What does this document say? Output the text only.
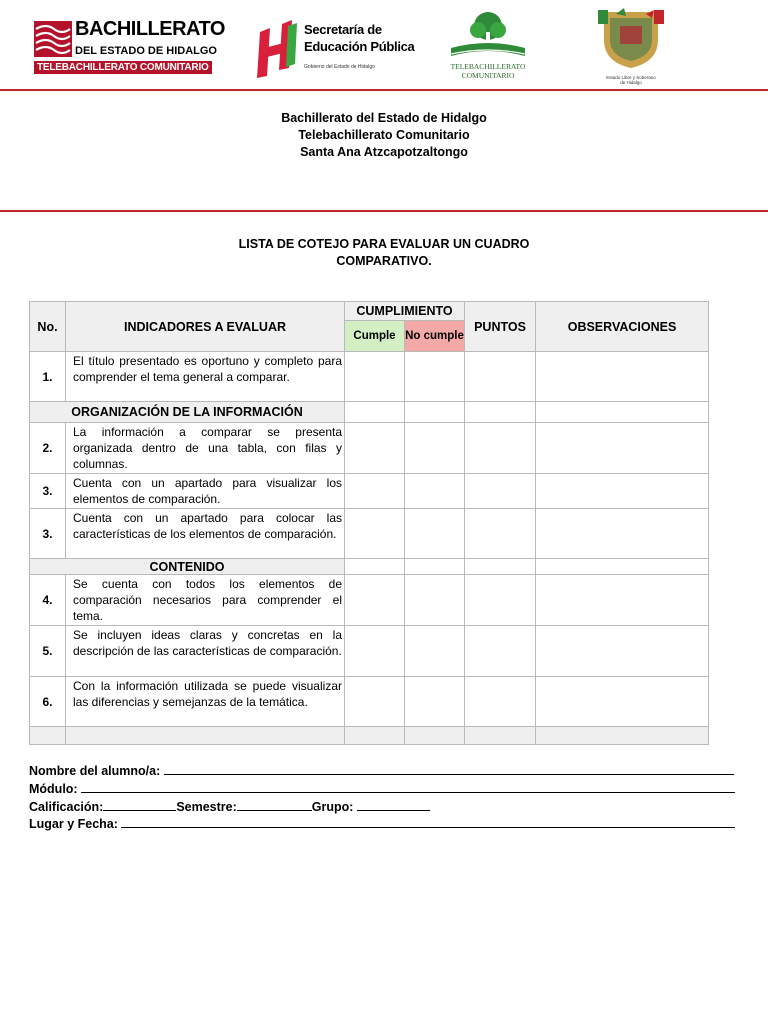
BACHILLERATO
DEL ESTADO DE HIDALGO
TELEBACHILLERATO COMUNITARIO
Secretaría de
Educación Pública
Gobierno del Estado de Hidalgo	TELEBACHILLERATO
COMUNITARIO	Estado Libre y Soberano
de Hidalgo
Bachillerato del Estado de Hidalgo
Telebachillerato Comunitario
Santa Ana Atzcapotzaltongo
LISTA DE COTEJO PARA EVALUAR UN CUADRO
COMPARATIVO.
No.	INDICADORES A EVALUAR	CUMPLIMIENTO		PUNTOS	OBSERVACIONES
		Cumple	No cumple		
1.	El título presentado es oportuno y completo para comprender el tema general a comparar.				
ORGANIZACIÓN DE LA INFORMACIÓN					
2.	La información a comparar se presenta organizada dentro de una tabla, con filas y columnas.				
3.	Cuenta con un apartado para visualizar los elementos de comparación.				
3.	Cuenta con un apartado para colocar las características de los elementos de comparación.				
CONTENIDO					
4.	Se cuenta con todos los elementos de comparación necesarios para comprender el tema.				
5.	Se incluyen ideas claras y concretas en la descripción de las características de comparación.				
6.	Con la información utilizada se puede visualizar las diferencias y semejanzas de la temática.				

Nombre del alumno/a:
Módulo:
Calificación:	Semestre:	Grupo:
Lugar y Fecha:
